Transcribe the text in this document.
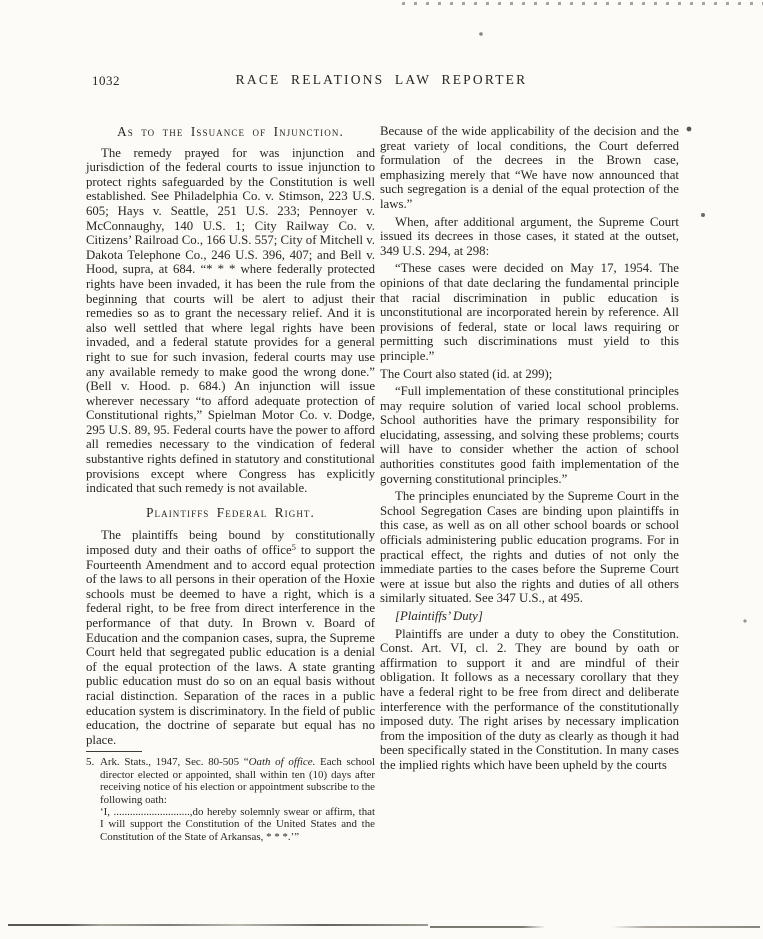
1032	RACE RELATIONS LAW REPORTER
As to the Issuance of Injunction.

The remedy prayed for was injunction and jurisdiction of the federal courts to issue injunction to protect rights safeguarded by the Constitution is well established. See Philadelphia Co. v. Stimson, 223 U.S. 605; Hays v. Seattle, 251 U.S. 233; Pennoyer v. McConnaughy, 140 U.S. 1; City Railway Co. v. Citizens’ Railroad Co., 166 U.S. 557; City of Mitchell v. Dakota Telephone Co., 246 U.S. 396, 407; and Bell v. Hood, supra, at 684. “* * * where federally protected rights have been invaded, it has been the rule from the beginning that courts will be alert to adjust their remedies so as to grant the necessary relief. And it is also well settled that where legal rights have been invaded, and a federal statute provides for a general right to sue for such invasion, federal courts may use any available remedy to make good the wrong done.” (Bell v. Hood. p. 684.) An injunction will issue wherever necessary “to afford adequate protection of Constitutional rights,” Spielman Motor Co. v. Dodge, 295 U.S. 89, 95. Federal courts have the power to afford all remedies necessary to the vindication of federal substantive rights defined in statutory and constitutional provisions except where Congress has explicitly indicated that such remedy is not available.

Plaintiffs Federal Right.

The plaintiffs being bound by constitutionally imposed duty and their oaths of office$^5$ to support the Fourteenth Amendment and to accord equal protection of the laws to all persons in their operation of the Hoxie schools must be deemed to have a right, which is a federal right, to be free from direct interference in the performance of that duty. In Brown v. Board of Education and the companion cases, supra, the Supreme Court held that segregated public education is a denial of the equal protection of the laws. A state granting public education must do so on an equal basis without racial distinction. Separation of the races in a public education system is discriminatory. In the field of public education, the doctrine of separate but equal has no place.

5. Ark. Stats., 1947, Sec. 80-505 “Oath of office. Each school director elected or appointed, shall within ten (10) days after receiving notice of his election or appointment subscribe to the following oath:
‘I, ............................,do hereby solemnly swear or affirm, that I will support the Constitution of the United States and the Constitution of the State of Arkansas, * * *.’”

Because of the wide applicability of the decision and the great variety of local conditions, the Court deferred formulation of the decrees in the Brown case, emphasizing merely that “We have now announced that such segregation is a denial of the equal protection of the laws.”

When, after additional argument, the Supreme Court issued its decrees in those cases, it stated at the outset, 349 U.S. 294, at 298:

“These cases were decided on May 17, 1954. The opinions of that date declaring the fundamental principle that racial discrimination in public education is unconstitutional are incorporated herein by reference. All provisions of federal, state or local laws requiring or permitting such discriminations must yield to this principle.”

The Court also stated (id. at 299);

“Full implementation of these constitutional principles may require solution of varied local school problems. School authorities have the primary responsibility for elucidating, assessing, and solving these problems; courts will have to consider whether the action of school authorities constitutes good faith implementation of the governing constitutional principles.”

The principles enunciated by the Supreme Court in the School Segregation Cases are binding upon plaintiffs in this case, as well as on all other school boards or school officials administering public education programs. For in practical effect, the rights and duties of not only the immediate parties to the cases before the Supreme Court were at issue but also the rights and duties of all others similarly situated. See 347 U.S., at 495.

[Plaintiffs’ Duty]

Plaintiffs are under a duty to obey the Constitution. Const. Art. VI, cl. 2. They are bound by oath or affirmation to support it and are mindful of their obligation. It follows as a necessary corollary that they have a federal right to be free from direct and deliberate interference with the performance of the constitutionally imposed duty. The right arises by necessary implication from the imposition of the duty as clearly as though it had been specifically stated in the Constitution. In many cases the implied rights which have been upheld by the courts
